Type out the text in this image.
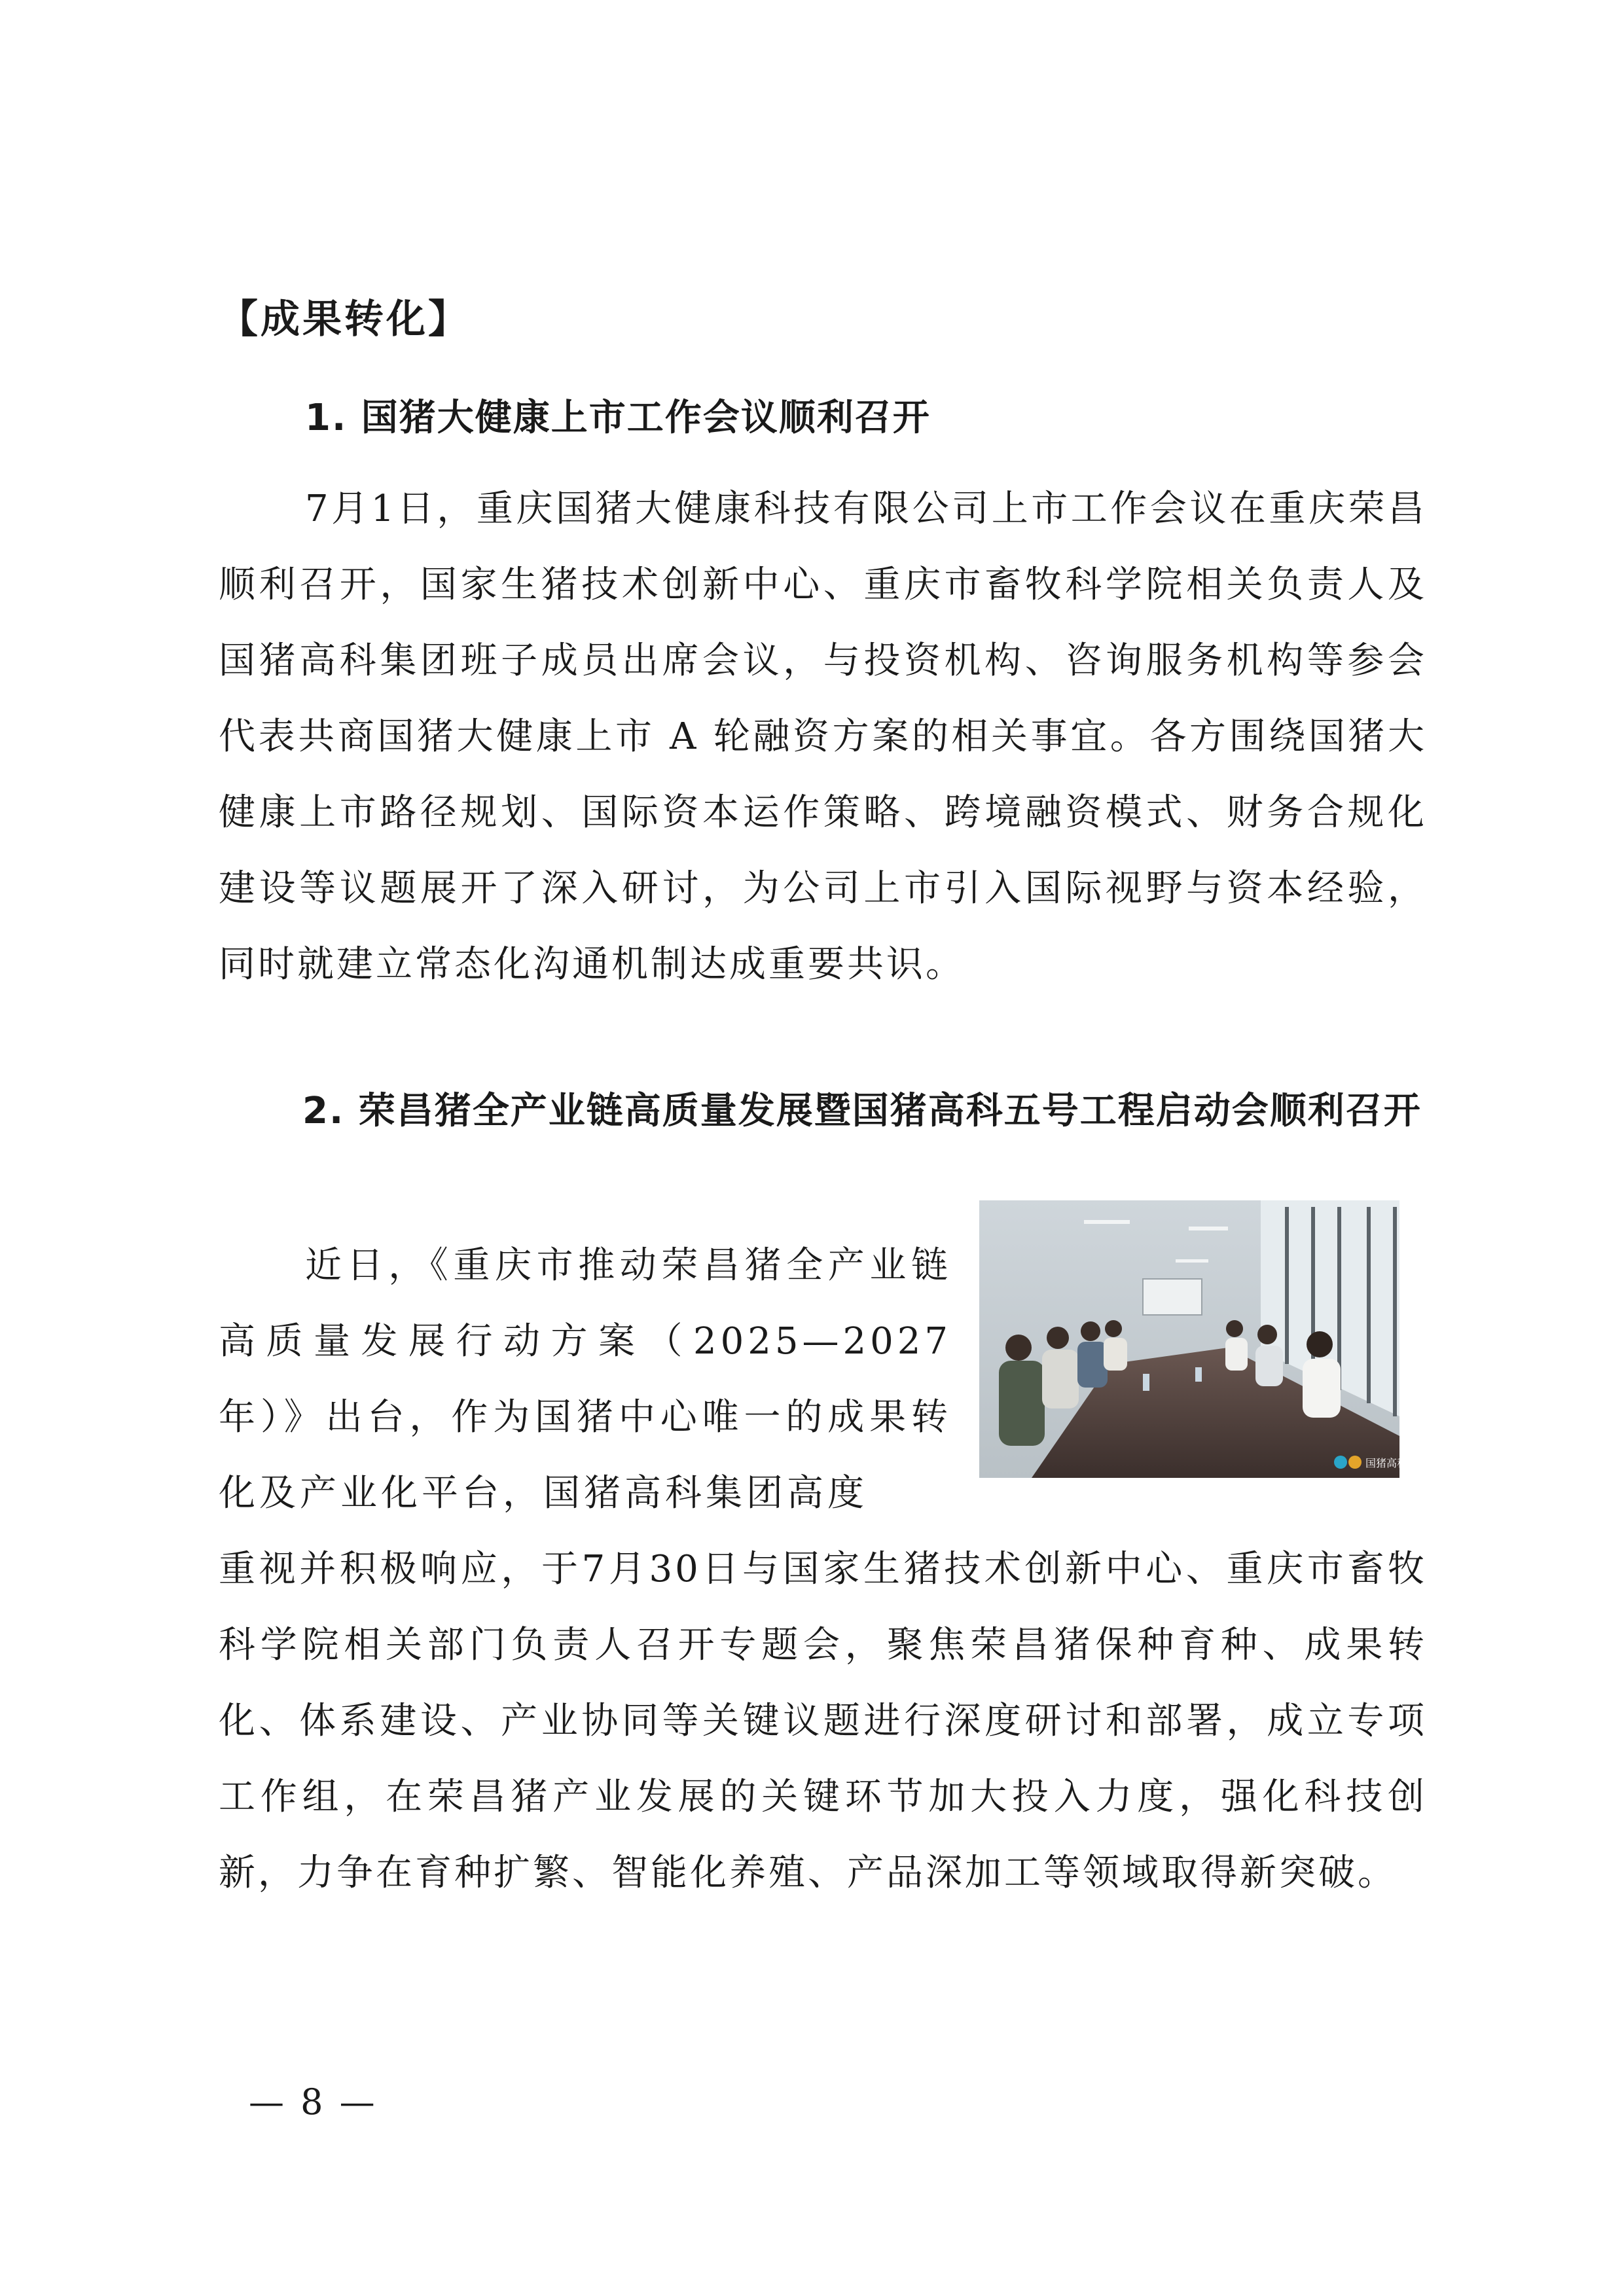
【成果转化】
1. 国猪大健康上市工作会议顺利召开
7月1日，重庆国猪大健康科技有限公司上市工作会议在重庆荣昌顺利召开，国家生猪技术创新中心、重庆市畜牧科学院相关负责人及国猪高科集团班子成员出席会议，与投资机构、咨询服务机构等参会代表共商国猪大健康上市 A 轮融资方案的相关事宜。各方围绕国猪大健康上市路径规划、国际资本运作策略、跨境融资模式、财务合规化建设等议题展开了深入研讨，为公司上市引入国际视野与资本经验，同时就建立常态化沟通机制达成重要共识。
2. 荣昌猪全产业链高质量发展暨国猪高科五号工程启动会顺利召开
近日，《重庆市推动荣昌猪全产业链高质量发展行动方案（2025—2027年）》出台，作为国猪中心唯一的成果转化及产业化平台，国猪高科集团高度
国猪高科
重视并积极响应，于7月30日与国家生猪技术创新中心、重庆市畜牧科学院相关部门负责人召开专题会，聚焦荣昌猪保种育种、成果转化、体系建设、产业协同等关键议题进行深度研讨和部署，成立专项工作组，在荣昌猪产业发展的关键环节加大投入力度，强化科技创新，力争在育种扩繁、智能化养殖、产品深加工等领域取得新突破。
— 8 —
